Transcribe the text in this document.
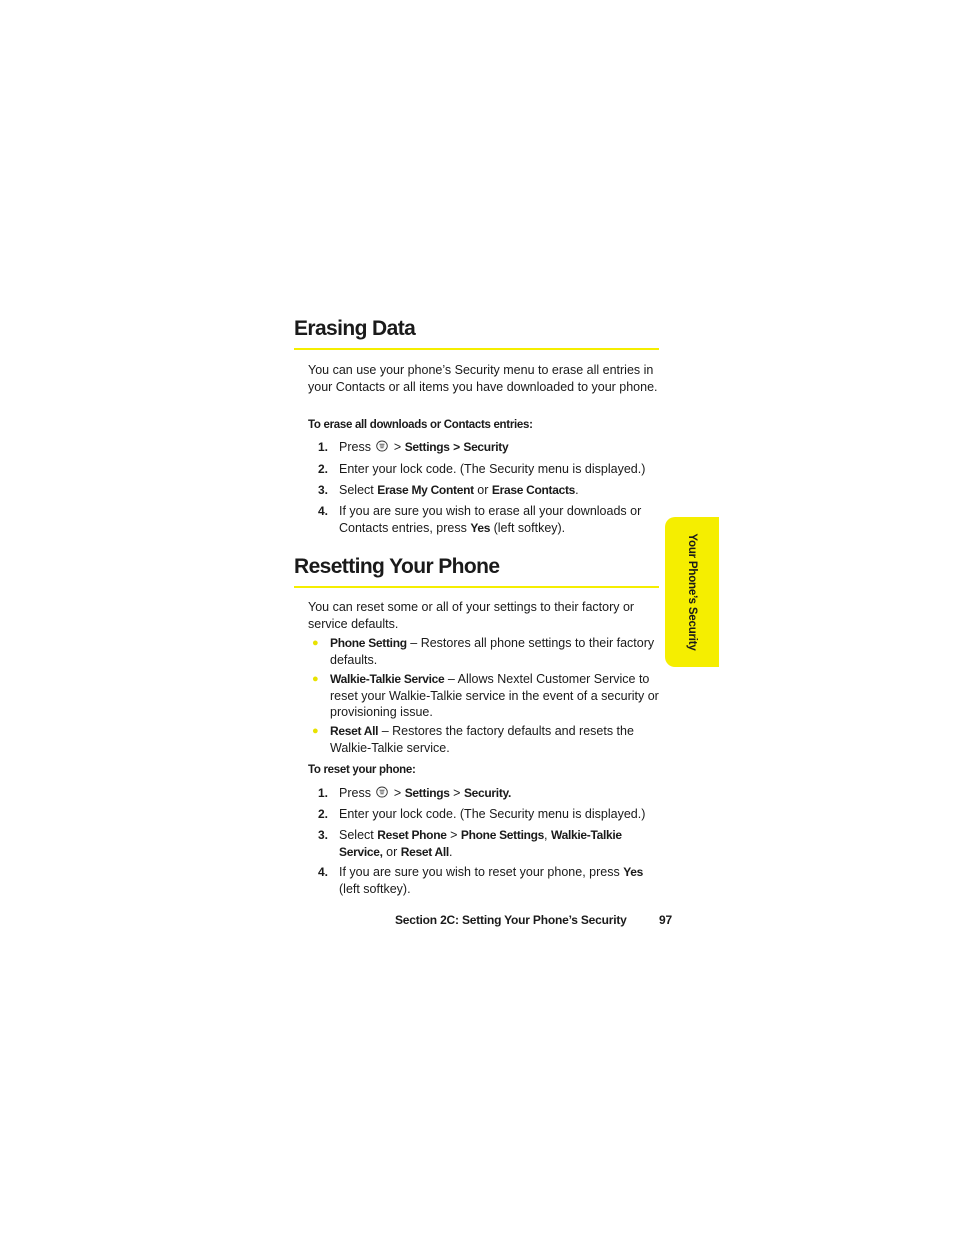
Erasing Data

You can use your phone’s Security menu to erase all entries in your Contacts or all items you have downloaded to your phone.

To erase all downloads or Contacts entries:

1. Press > Settings > Security
2. Enter your lock code. (The Security menu is displayed.)
3. Select Erase My Content or Erase Contacts.
4. If you are sure you wish to erase all your downloads or Contacts entries, press Yes (left softkey).
Resetting Your Phone

You can reset some or all of your settings to their factory or service defaults.

● Phone Setting – Restores all phone settings to their factory defaults.
● Walkie-Talkie Service – Allows Nextel Customer Service to reset your Walkie-Talkie service in the event of a security or provisioning issue.
● Reset All – Restores the factory defaults and resets the Walkie-Talkie service.

To reset your phone:

1. Press > Settings > Security.
2. Enter your lock code. (The Security menu is displayed.)
3. Select Reset Phone > Phone Settings, Walkie-Talkie Service, or Reset All.
4. If you are sure you wish to reset your phone, press Yes (left softkey).
Your Phone’s Security
Section 2C: Setting Your Phone’s Security	97
